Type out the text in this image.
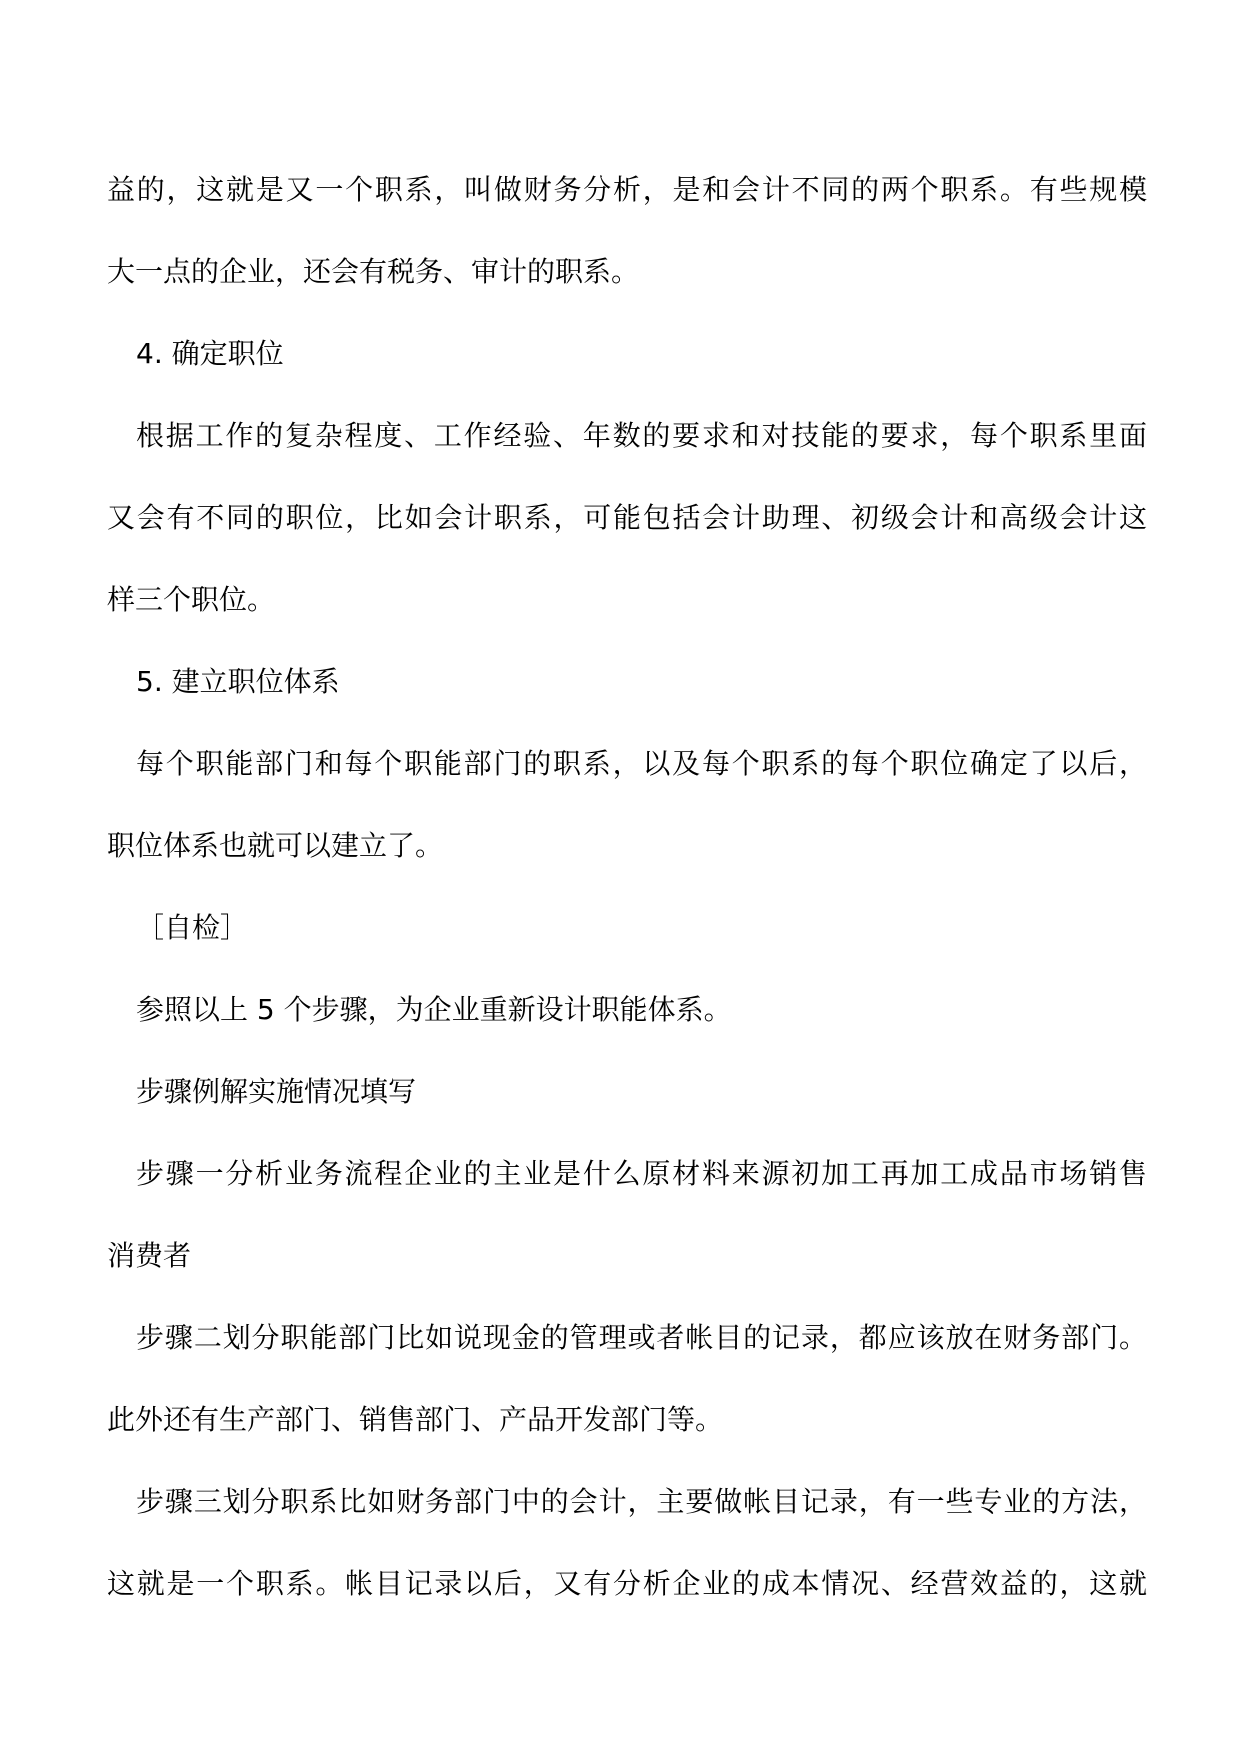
益的，这就是又一个职系，叫做财务分析，是和会计不同的两个职系。有些规模
大一点的企业，还会有税务、审计的职系。
4. 确定职位
根据工作的复杂程度、工作经验、年数的要求和对技能的要求，每个职系里面
又会有不同的职位，比如会计职系，可能包括会计助理、初级会计和高级会计这
样三个职位。
5. 建立职位体系
每个职能部门和每个职能部门的职系，以及每个职系的每个职位确定了以后，
职位体系也就可以建立了。
［自检］
参照以上 5 个步骤，为企业重新设计职能体系。
步骤例解实施情况填写
步骤一分析业务流程企业的主业是什么原材料来源初加工再加工成品市场销售
消费者
步骤二划分职能部门比如说现金的管理或者帐目的记录，都应该放在财务部门。
此外还有生产部门、销售部门、产品开发部门等。
步骤三划分职系比如财务部门中的会计，主要做帐目记录，有一些专业的方法，
这就是一个职系。帐目记录以后，又有分析企业的成本情况、经营效益的，这就
